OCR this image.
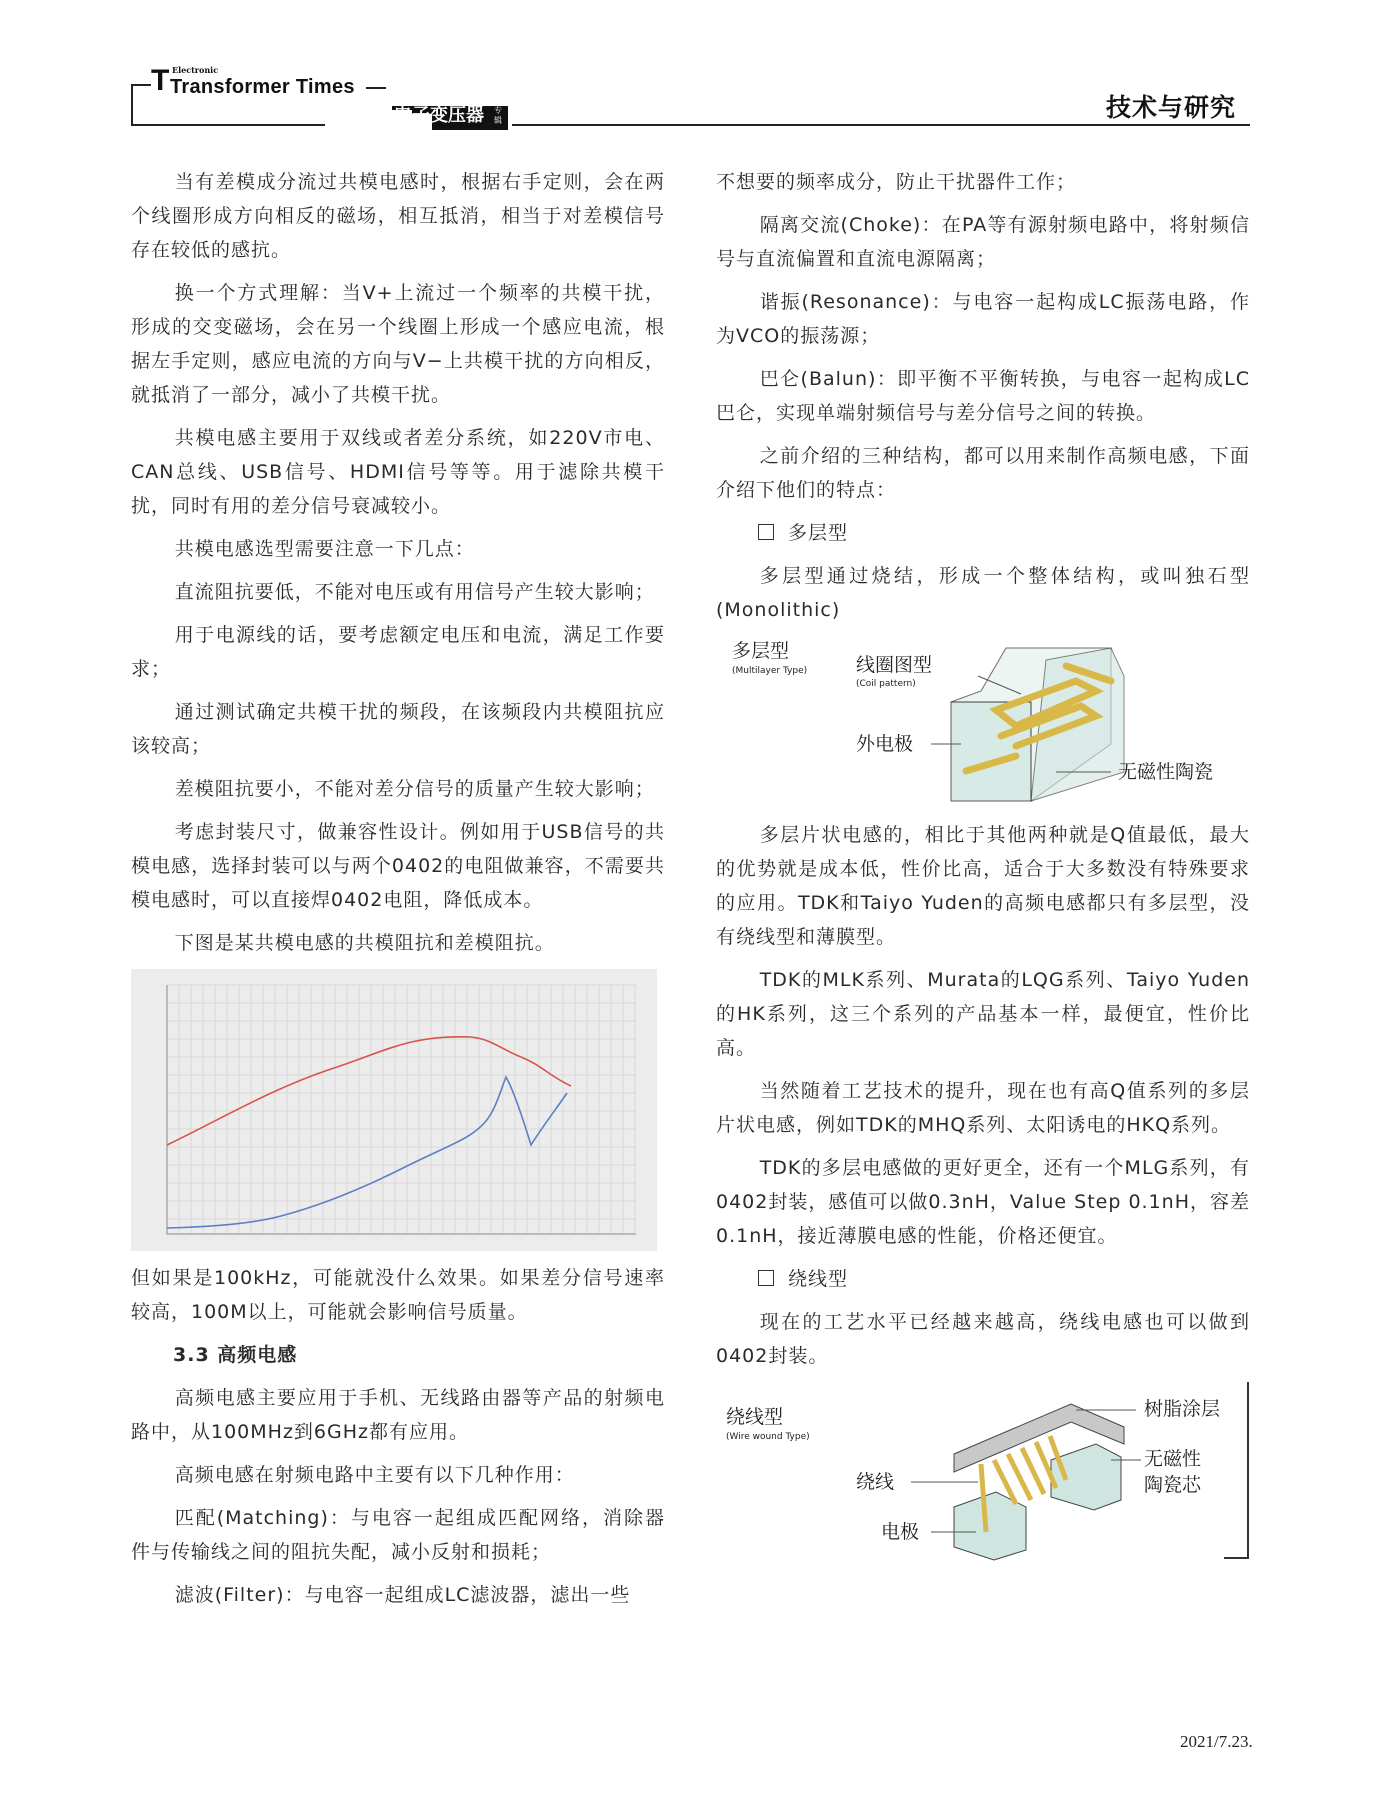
T Electronic
Transformer Times
电子变压器 专辑	技术与研究

当有差模成分流过共模电感时，根据右手定则，会在两个线圈形成方向相反的磁场，相互抵消，相当于对差模信号存在较低的感抗。

换一个方式理解：当V+上流过一个频率的共模干扰，形成的交变磁场，会在另一个线圈上形成一个感应电流，根据左手定则，感应电流的方向与V−上共模干扰的方向相反，就抵消了一部分，减小了共模干扰。

共模电感主要用于双线或者差分系统，如220V市电、CAN总线、USB信号、HDMI信号等等。用于滤除共模干扰，同时有用的差分信号衰减较小。

共模电感选型需要注意一下几点：

直流阻抗要低，不能对电压或有用信号产生较大影响；

用于电源线的话，要考虑额定电压和电流，满足工作要求；

通过测试确定共模干扰的频段，在该频段内共模阻抗应该较高；

差模阻抗要小，不能对差分信号的质量产生较大影响；

考虑封装尺寸，做兼容性设计。例如用于USB信号的共模电感，选择封装可以与两个0402的电阻做兼容，不需要共模电感时，可以直接焊0402电阻，降低成本。

下图是某共模电感的共模阻抗和差模阻抗。

但如果是100kHz，可能就没什么效果。如果差分信号速率较高，100M以上，可能就会影响信号质量。

3.3 高频电感

高频电感主要应用于手机、无线路由器等产品的射频电路中，从100MHz到6GHz都有应用。

高频电感在射频电路中主要有以下几种作用：

匹配(Matching)：与电容一起组成匹配网络，消除器件与传输线之间的阻抗失配，减小反射和损耗；

滤波(Filter)：与电容一起组成LC滤波器，滤出一些

不想要的频率成分，防止干扰器件工作；

隔离交流(Choke)：在PA等有源射频电路中，将射频信号与直流偏置和直流电源隔离；

谐振(Resonance)：与电容一起构成LC振荡电路，作为VCO的振荡源；

巴仑(Balun)：即平衡不平衡转换，与电容一起构成LC巴仑，实现单端射频信号与差分信号之间的转换。

之前介绍的三种结构，都可以用来制作高频电感，下面介绍下他们的特点：

多层型

多层型通过烧结，形成一个整体结构，或叫独石型(Monolithic)

多层型
(Multilayer Type)	线圈图型
(Coil pattern)
外电极
无磁性陶瓷

多层片状电感的，相比于其他两种就是Q值最低，最大的优势就是成本低，性价比高，适合于大多数没有特殊要求的应用。TDK和Taiyo Yuden的高频电感都只有多层型，没有绕线型和薄膜型。

TDK的MLK系列、Murata的LQG系列、Taiyo Yuden的HK系列，这三个系列的产品基本一样，最便宜，性价比高。

当然随着工艺技术的提升，现在也有高Q值系列的多层片状电感，例如TDK的MHQ系列、太阳诱电的HKQ系列。

TDK的多层电感做的更好更全，还有一个MLG系列，有0402封装，感值可以做0.3nH，Value Step 0.1nH，容差0.1nH，接近薄膜电感的性能，价格还便宜。

绕线型

现在的工艺水平已经越来越高，绕线电感也可以做到0402封装。

绕线型
(Wire wound Type)
树脂涂层
无磁性
陶瓷芯
绕线
电极
2021/7.23.
